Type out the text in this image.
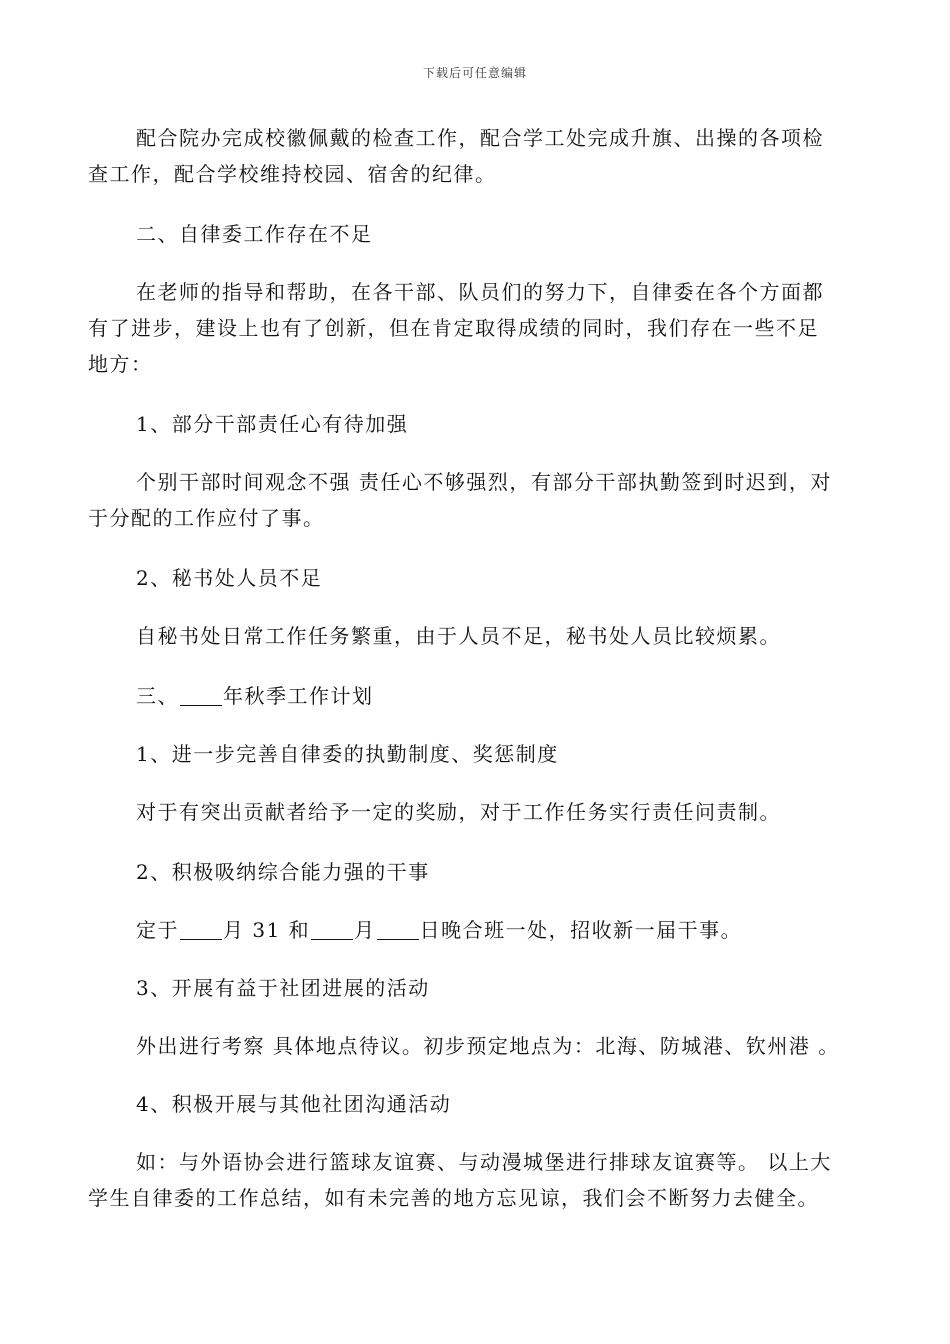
下载后可任意编辑
配合院办完成校徽佩戴的检查工作，配合学工处完成升旗、出操的各项检
查工作，配合学校维持校园、宿舍的纪律。
二、自律委工作存在不足
在老师的指导和帮助，在各干部、队员们的努力下，自律委在各个方面都
有了进步，建设上也有了创新，但在肯定取得成绩的同时，我们存在一些不足
地方：
1、部分干部责任心有待加强
个别干部时间观念不强 责任心不够强烈，有部分干部执勤签到时迟到，对
于分配的工作应付了事。
2、秘书处人员不足
自秘书处日常工作任务繁重，由于人员不足，秘书处人员比较烦累。
三、 年秋季工作计划
1、进一步完善自律委的执勤制度、奖惩制度
对于有突出贡献者给予一定的奖励，对于工作任务实行责任问责制。
2、积极吸纳综合能力强的干事
定于 月 31 和 月 日晚合班一处，招收新一届干事。
3、开展有益于社团进展的活动
外出进行考察 具体地点待议。初步预定地点为：北海、防城港、钦州港 。
4、积极开展与其他社团沟通活动
如：与外语协会进行篮球友谊赛、与动漫城堡进行排球友谊赛等。 以上大
学生自律委的工作总结，如有未完善的地方忘见谅，我们会不断努力去健全。
